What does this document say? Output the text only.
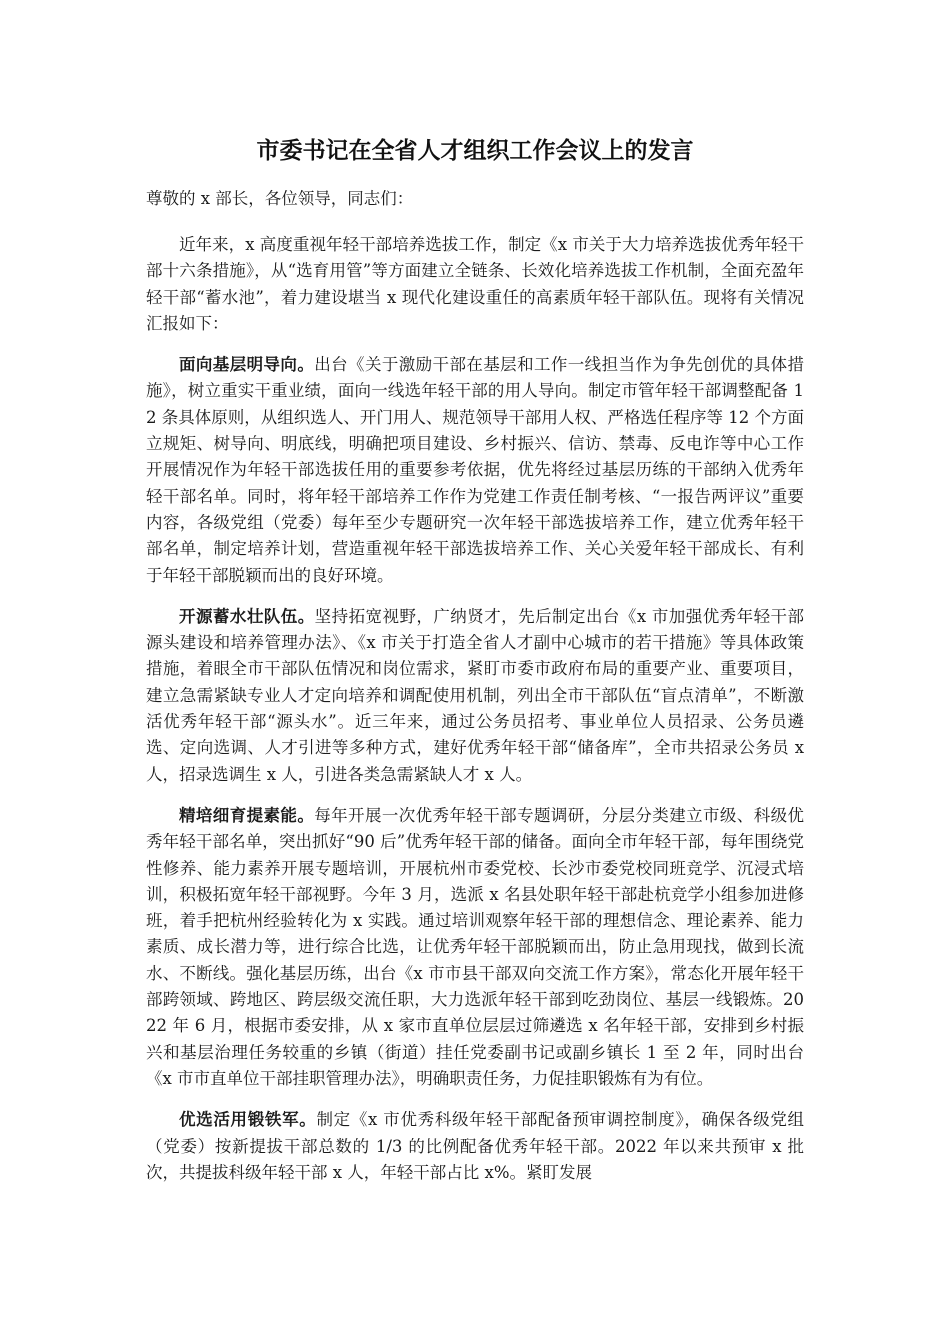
市委书记在全省人才组织工作会议上的发言

尊敬的 x 部长，各位领导，同志们：

近年来，x 高度重视年轻干部培养选拔工作，制定《x 市关于大力培养选拔优秀年轻干部十六条措施》，从“选育用管”等方面建立全链条、长效化培养选拔工作机制，全面充盈年轻干部“蓄水池”，着力建设堪当 x 现代化建设重任的高素质年轻干部队伍。现将有关情况汇报如下：

面向基层明导向。出台《关于激励干部在基层和工作一线担当作为争先创优的具体措施》，树立重实干重业绩，面向一线选年轻干部的用人导向。制定市管年轻干部调整配备 12 条具体原则，从组织选人、开门用人、规范领导干部用人权、严格选任程序等 12 个方面立规矩、树导向、明底线，明确把项目建设、乡村振兴、信访、禁毒、反电诈等中心工作开展情况作为年轻干部选拔任用的重要参考依据，优先将经过基层历练的干部纳入优秀年轻干部名单。同时，将年轻干部培养工作作为党建工作责任制考核、“一报告两评议”重要内容，各级党组（党委）每年至少专题研究一次年轻干部选拔培养工作，建立优秀年轻干部名单，制定培养计划，营造重视年轻干部选拔培养工作、关心关爱年轻干部成长、有利于年轻干部脱颖而出的良好环境。

开源蓄水壮队伍。坚持拓宽视野，广纳贤才，先后制定出台《x 市加强优秀年轻干部源头建设和培养管理办法》、《x 市关于打造全省人才副中心城市的若干措施》等具体政策措施，着眼全市干部队伍情况和岗位需求，紧盯市委市政府布局的重要产业、重要项目，建立急需紧缺专业人才定向培养和调配使用机制，列出全市干部队伍“盲点清单”，不断激活优秀年轻干部“源头水”。近三年来，通过公务员招考、事业单位人员招录、公务员遴选、定向选调、人才引进等多种方式，建好优秀年轻干部“储备库”，全市共招录公务员 x 人，招录选调生 x 人，引进各类急需紧缺人才 x 人。

精培细育提素能。每年开展一次优秀年轻干部专题调研，分层分类建立市级、科级优秀年轻干部名单，突出抓好“90 后”优秀年轻干部的储备。面向全市年轻干部，每年围绕党性修养、能力素养开展专题培训，开展杭州市委党校、长沙市委党校同班竞学、沉浸式培训，积极拓宽年轻干部视野。今年 3 月，选派 x 名县处职年轻干部赴杭竞学小组参加进修班，着手把杭州经验转化为 x 实践。通过培训观察年轻干部的理想信念、理论素养、能力素质、成长潜力等，进行综合比选，让优秀年轻干部脱颖而出，防止急用现找，做到长流水、不断线。强化基层历练，出台《x 市市县干部双向交流工作方案》，常态化开展年轻干部跨领域、跨地区、跨层级交流任职，大力选派年轻干部到吃劲岗位、基层一线锻炼。2022 年 6 月，根据市委安排，从 x 家市直单位层层过筛遴选 x 名年轻干部，安排到乡村振兴和基层治理任务较重的乡镇（街道）挂任党委副书记或副乡镇长 1 至 2 年，同时出台《x 市市直单位干部挂职管理办法》，明确职责任务，力促挂职锻炼有为有位。

优选活用锻铁军。制定《x 市优秀科级年轻干部配备预审调控制度》，确保各级党组（党委）按新提拔干部总数的 1/3 的比例配备优秀年轻干部。2022 年以来共预审 x 批次，共提拔科级年轻干部 x 人，年轻干部占比 x%。紧盯发展
